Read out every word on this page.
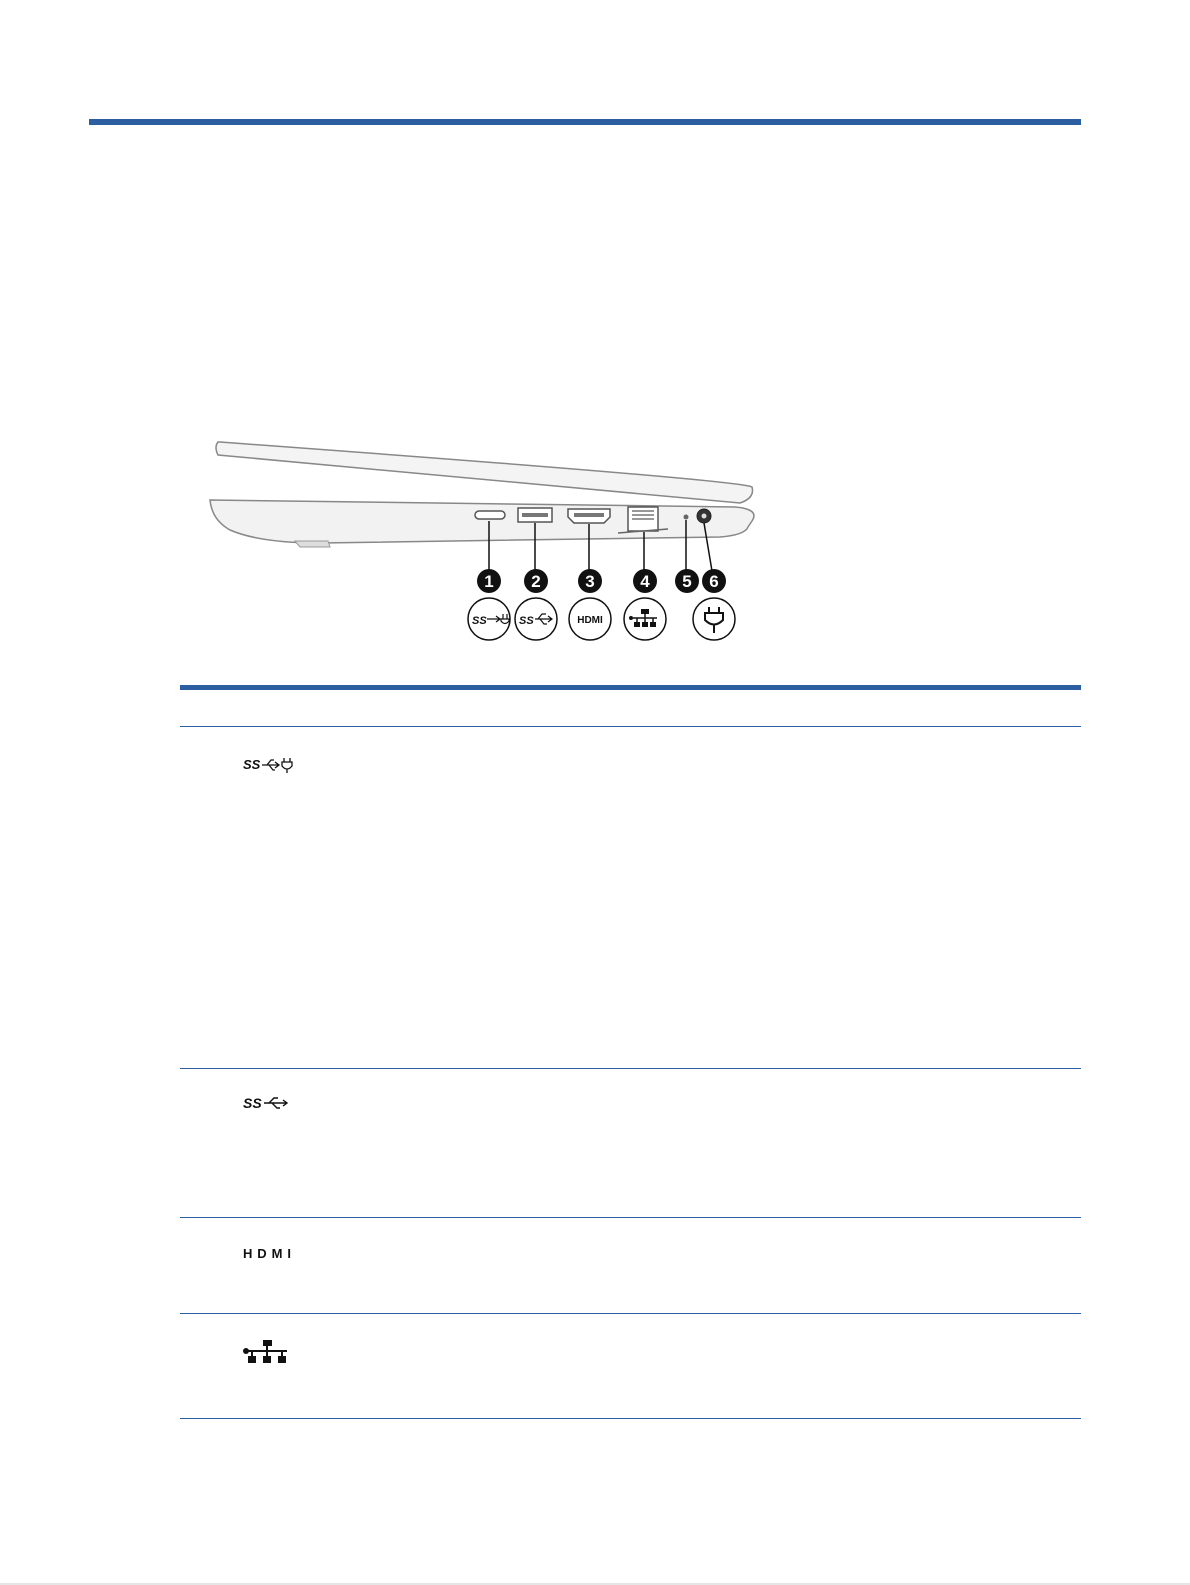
1 2	3	4 5 6
SS	SS	HDMI
SS
SS
HDMI
